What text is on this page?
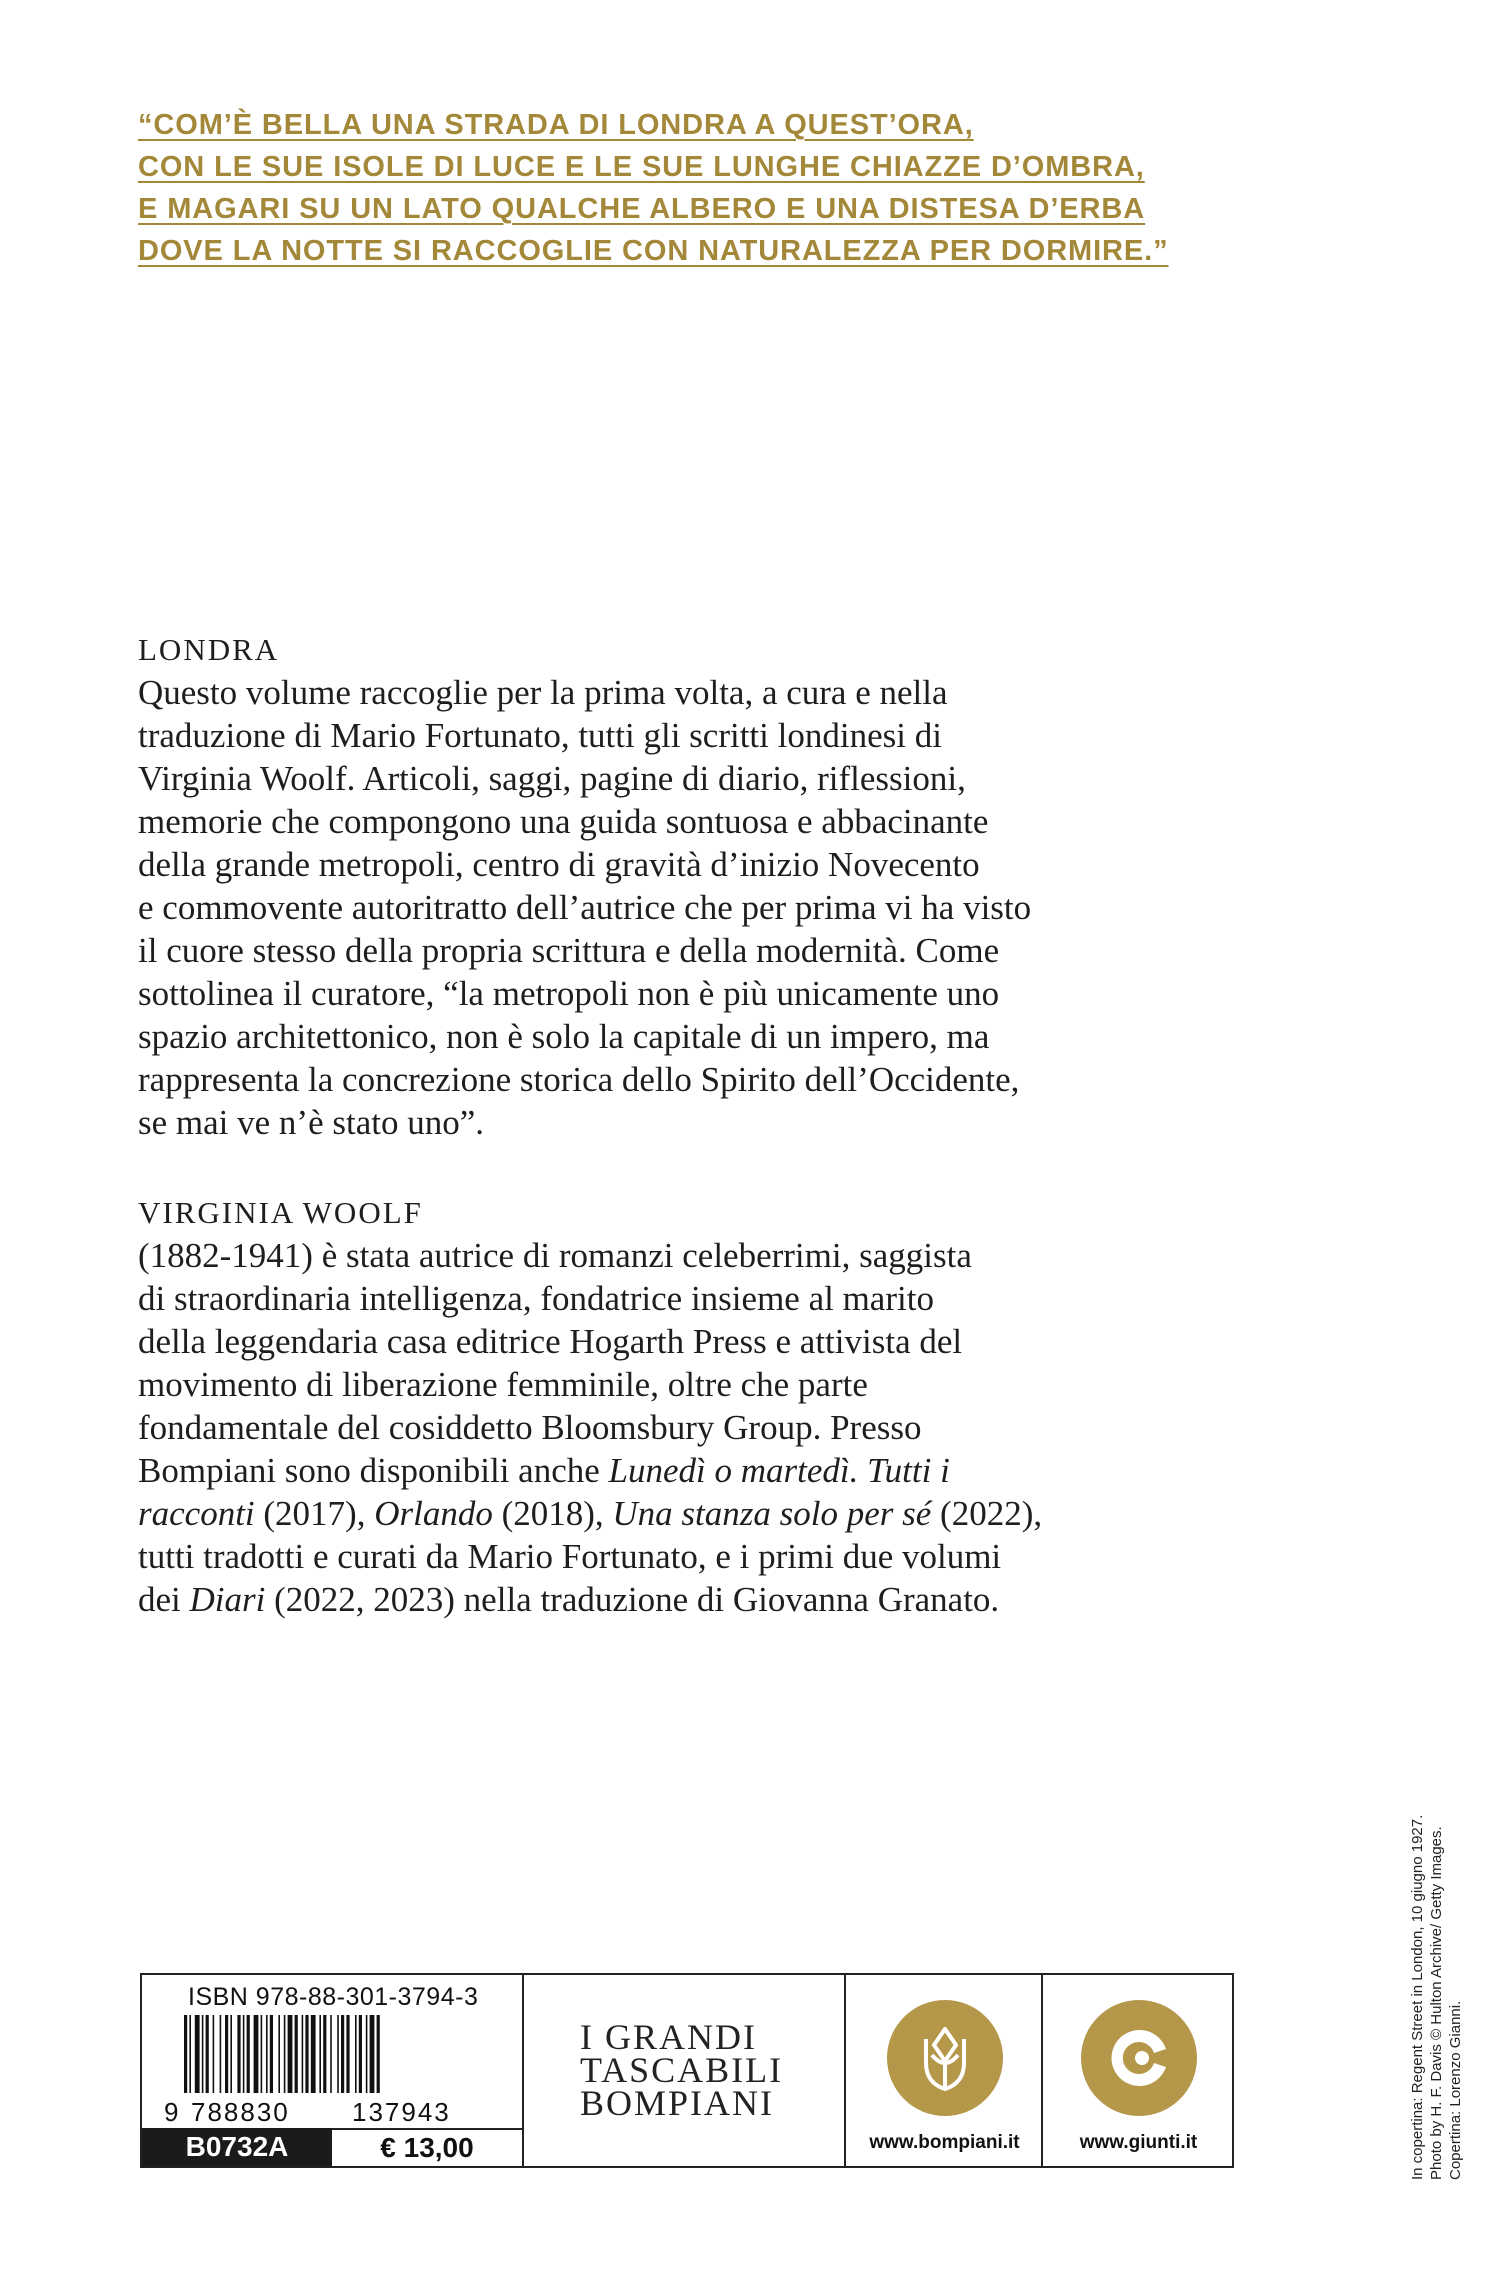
“COM’È BELLA UNA STRADA DI LONDRA A QUEST’ORA,
CON LE SUE ISOLE DI LUCE E LE SUE LUNGHE CHIAZZE D’OMBRA,
E MAGARI SU UN LATO QUALCHE ALBERO E UNA DISTESA D’ERBA
DOVE LA NOTTE SI RACCOGLIE CON NATURALEZZA PER DORMIRE.”
LONDRA
Questo volume raccoglie per la prima volta, a cura e nella
traduzione di Mario Fortunato, tutti gli scritti londinesi di
Virginia Woolf. Articoli, saggi, pagine di diario, riflessioni,
memorie che compongono una guida sontuosa e abbacinante
della grande metropoli, centro di gravità d’inizio Novecento
e commovente autoritratto dell’autrice che per prima vi ha visto
il cuore stesso della propria scrittura e della modernità. Come
sottolinea il curatore, “la metropoli non è più unicamente uno
spazio architettonico, non è solo la capitale di un impero, ma
rappresenta la concrezione storica dello Spirito dell’Occidente,
se mai ve n’è stato uno”.
VIRGINIA WOOLF
(1882-1941) è stata autrice di romanzi celeberrimi, saggista
di straordinaria intelligenza, fondatrice insieme al marito
della leggendaria casa editrice Hogarth Press e attivista del
movimento di liberazione femminile, oltre che parte
fondamentale del cosiddetto Bloomsbury Group. Presso
Bompiani sono disponibili anche Lunedì o martedì. Tutti i
racconti (2017), Orlando (2018), Una stanza solo per sé (2022),
tutti tradotti e curati da Mario Fortunato, e i primi due volumi
dei Diari (2022, 2023) nella traduzione di Giovanna Granato.
ISBN 978-88-301-3794-3
9 788830 137943
B0732A	€ 13,00
I GRANDI
TASCABILI
BOMPIANI
www.bompiani.it	www.giunti.it	In copertina: Regent Street in London, 10 giugno 1927. Photo by H. F. Davis © Hulton Archive/ Getty Images. Copertina: Lorenzo Gianni.
